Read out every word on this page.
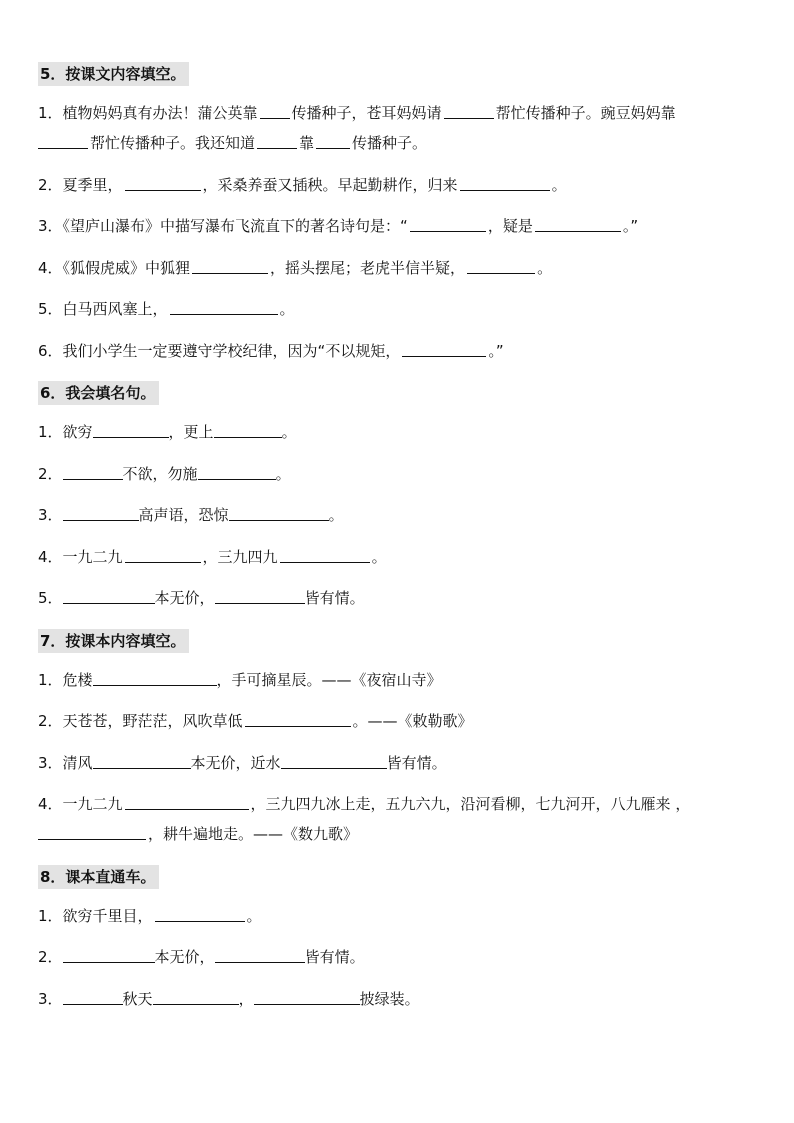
5．按课文内容填空。
1．植物妈妈真有办法！蒲公英靠 传播种子，苍耳妈妈请	帮忙传播种子。豌豆妈妈靠
帮忙传播种子。我还知道	靠	传播种子。
2．夏季里，	，采桑养蚕又插秧。早起勤耕作，归来	。
3．《望庐山瀑布》中描写瀑布飞流直下的著名诗句是：“	，疑是	。”
4．《狐假虎威》中狐狸	，摇头摆尾；老虎半信半疑，	。
5．白马西风塞上，	。
6．我们小学生一定要遵守学校纪律，因为“不以规矩，	。”
6．我会填名句。
1．欲穷	，更上	。
2．	不欲，勿施	。
3．	高声语，恐惊	。
4．一九二九	，三九四九	。
5．	本无价，	皆有情。
7．按课本内容填空。
1．危楼	，手可摘星辰。——《夜宿山寺》
2．天苍苍，野茫茫，风吹草低	。——《敕勒歌》
3．清风	本无价，近水	皆有情。
4．一九二九	，三九四九冰上走，五九六九，沿河看柳，七九河开，八九雁来 ，
，耕牛遍地走。——《数九歌》
8．课本直通车。
1．欲穷千里目，	。
2．	本无价，	皆有情。
3．	秋天	，	披绿装。
